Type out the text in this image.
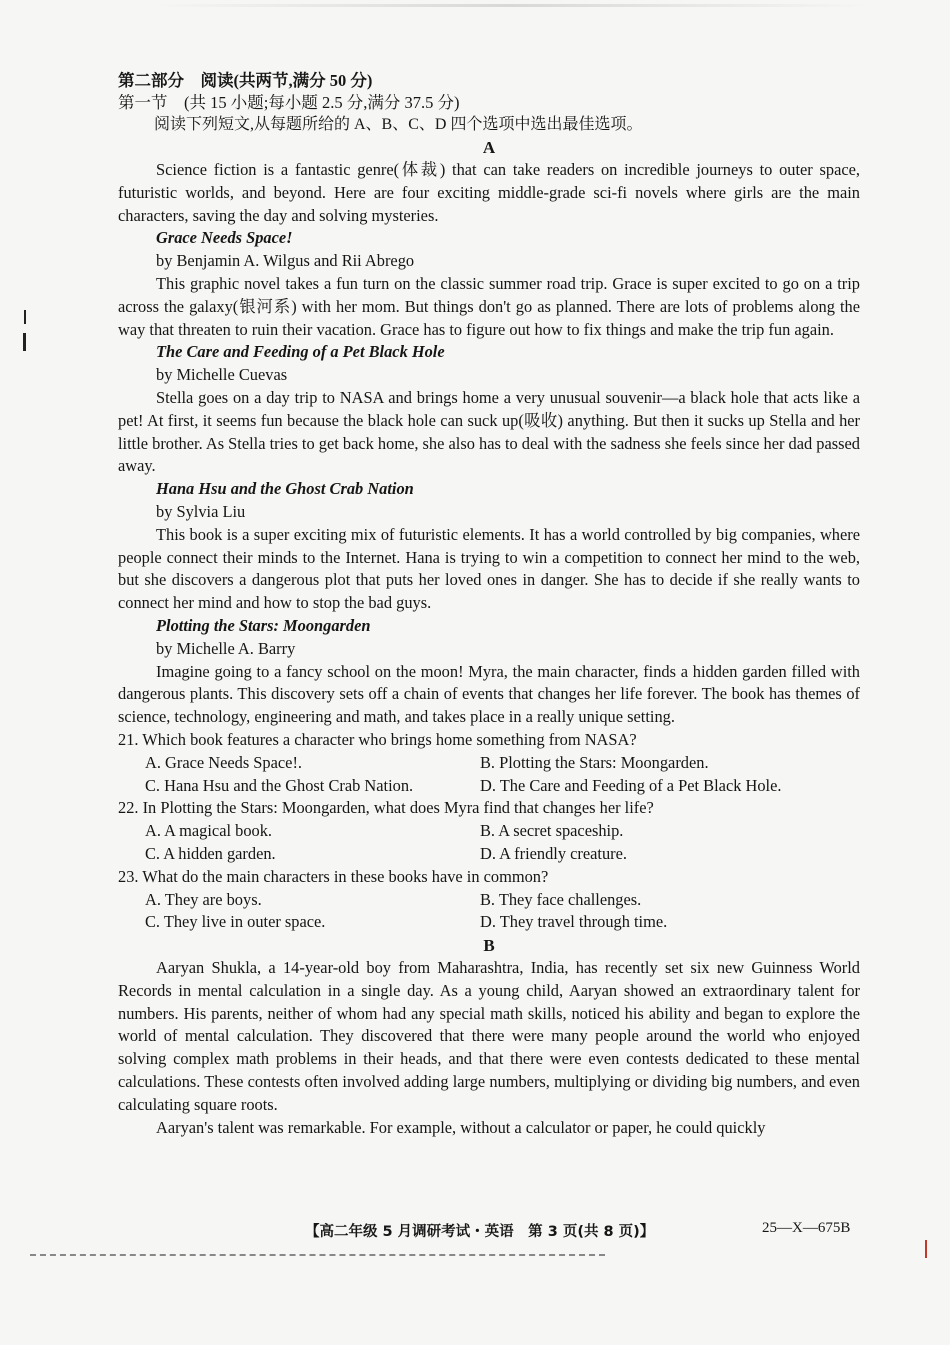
第二部分　阅读(共两节,满分 50 分)
第一节　(共 15 小题;每小题 2.5 分,满分 37.5 分)
阅读下列短文,从每题所给的 A、B、C、D 四个选项中选出最佳选项。
A

Science fiction is a fantastic genre(体裁) that can take readers on incredible journeys to outer space, futuristic worlds, and beyond. Here are four exciting middle-grade sci-fi novels where girls are the main characters, saving the day and solving mysteries.

Grace Needs Space!
by Benjamin A. Wilgus and Rii Abrego

This graphic novel takes a fun turn on the classic summer road trip. Grace is super excited to go on a trip across the galaxy(银河系) with her mom. But things don't go as planned. There are lots of problems along the way that threaten to ruin their vacation. Grace has to figure out how to fix things and make the trip fun again.

The Care and Feeding of a Pet Black Hole
by Michelle Cuevas

Stella goes on a day trip to NASA and brings home a very unusual souvenir—a black hole that acts like a pet! At first, it seems fun because the black hole can suck up(吸收) anything. But then it sucks up Stella and her little brother. As Stella tries to get back home, she also has to deal with the sadness she feels since her dad passed away.

Hana Hsu and the Ghost Crab Nation
by Sylvia Liu

This book is a super exciting mix of futuristic elements. It has a world controlled by big companies, where people connect their minds to the Internet. Hana is trying to win a competition to connect her mind to the web, but she discovers a dangerous plot that puts her loved ones in danger. She has to decide if she really wants to connect her mind and how to stop the bad guys.

Plotting the Stars: Moongarden
by Michelle A. Barry

Imagine going to a fancy school on the moon! Myra, the main character, finds a hidden garden filled with dangerous plants. This discovery sets off a chain of events that changes her life forever. The book has themes of science, technology, engineering and math, and takes place in a really unique setting.

21. Which book features a character who brings home something from NASA?
A. Grace Needs Space!.	B. Plotting the Stars: Moongarden.
C. Hana Hsu and the Ghost Crab Nation.	D. The Care and Feeding of a Pet Black Hole.
22. In Plotting the Stars: Moongarden, what does Myra find that changes her life?
A. A magical book.	B. A secret spaceship.
C. A hidden garden.	D. A friendly creature.
23. What do the main characters in these books have in common?
A. They are boys.	B. They face challenges.
C. They live in outer space.	D. They travel through time.
B

Aaryan Shukla, a 14-year-old boy from Maharashtra, India, has recently set six new Guinness World Records in mental calculation in a single day. As a young child, Aaryan showed an extraordinary talent for numbers. His parents, neither of whom had any special math skills, noticed his ability and began to explore the world of mental calculation. They discovered that there were many people around the world who enjoyed solving complex math problems in their heads, and that there were even contests dedicated to these mental calculations. These contests often involved adding large numbers, multiplying or dividing big numbers, and even calculating square roots.

Aaryan's talent was remarkable. For example, without a calculator or paper, he could quickly

【高二年级 5 月调研考试・英语　第 3 页(共 8 页)】	25—X—675B
